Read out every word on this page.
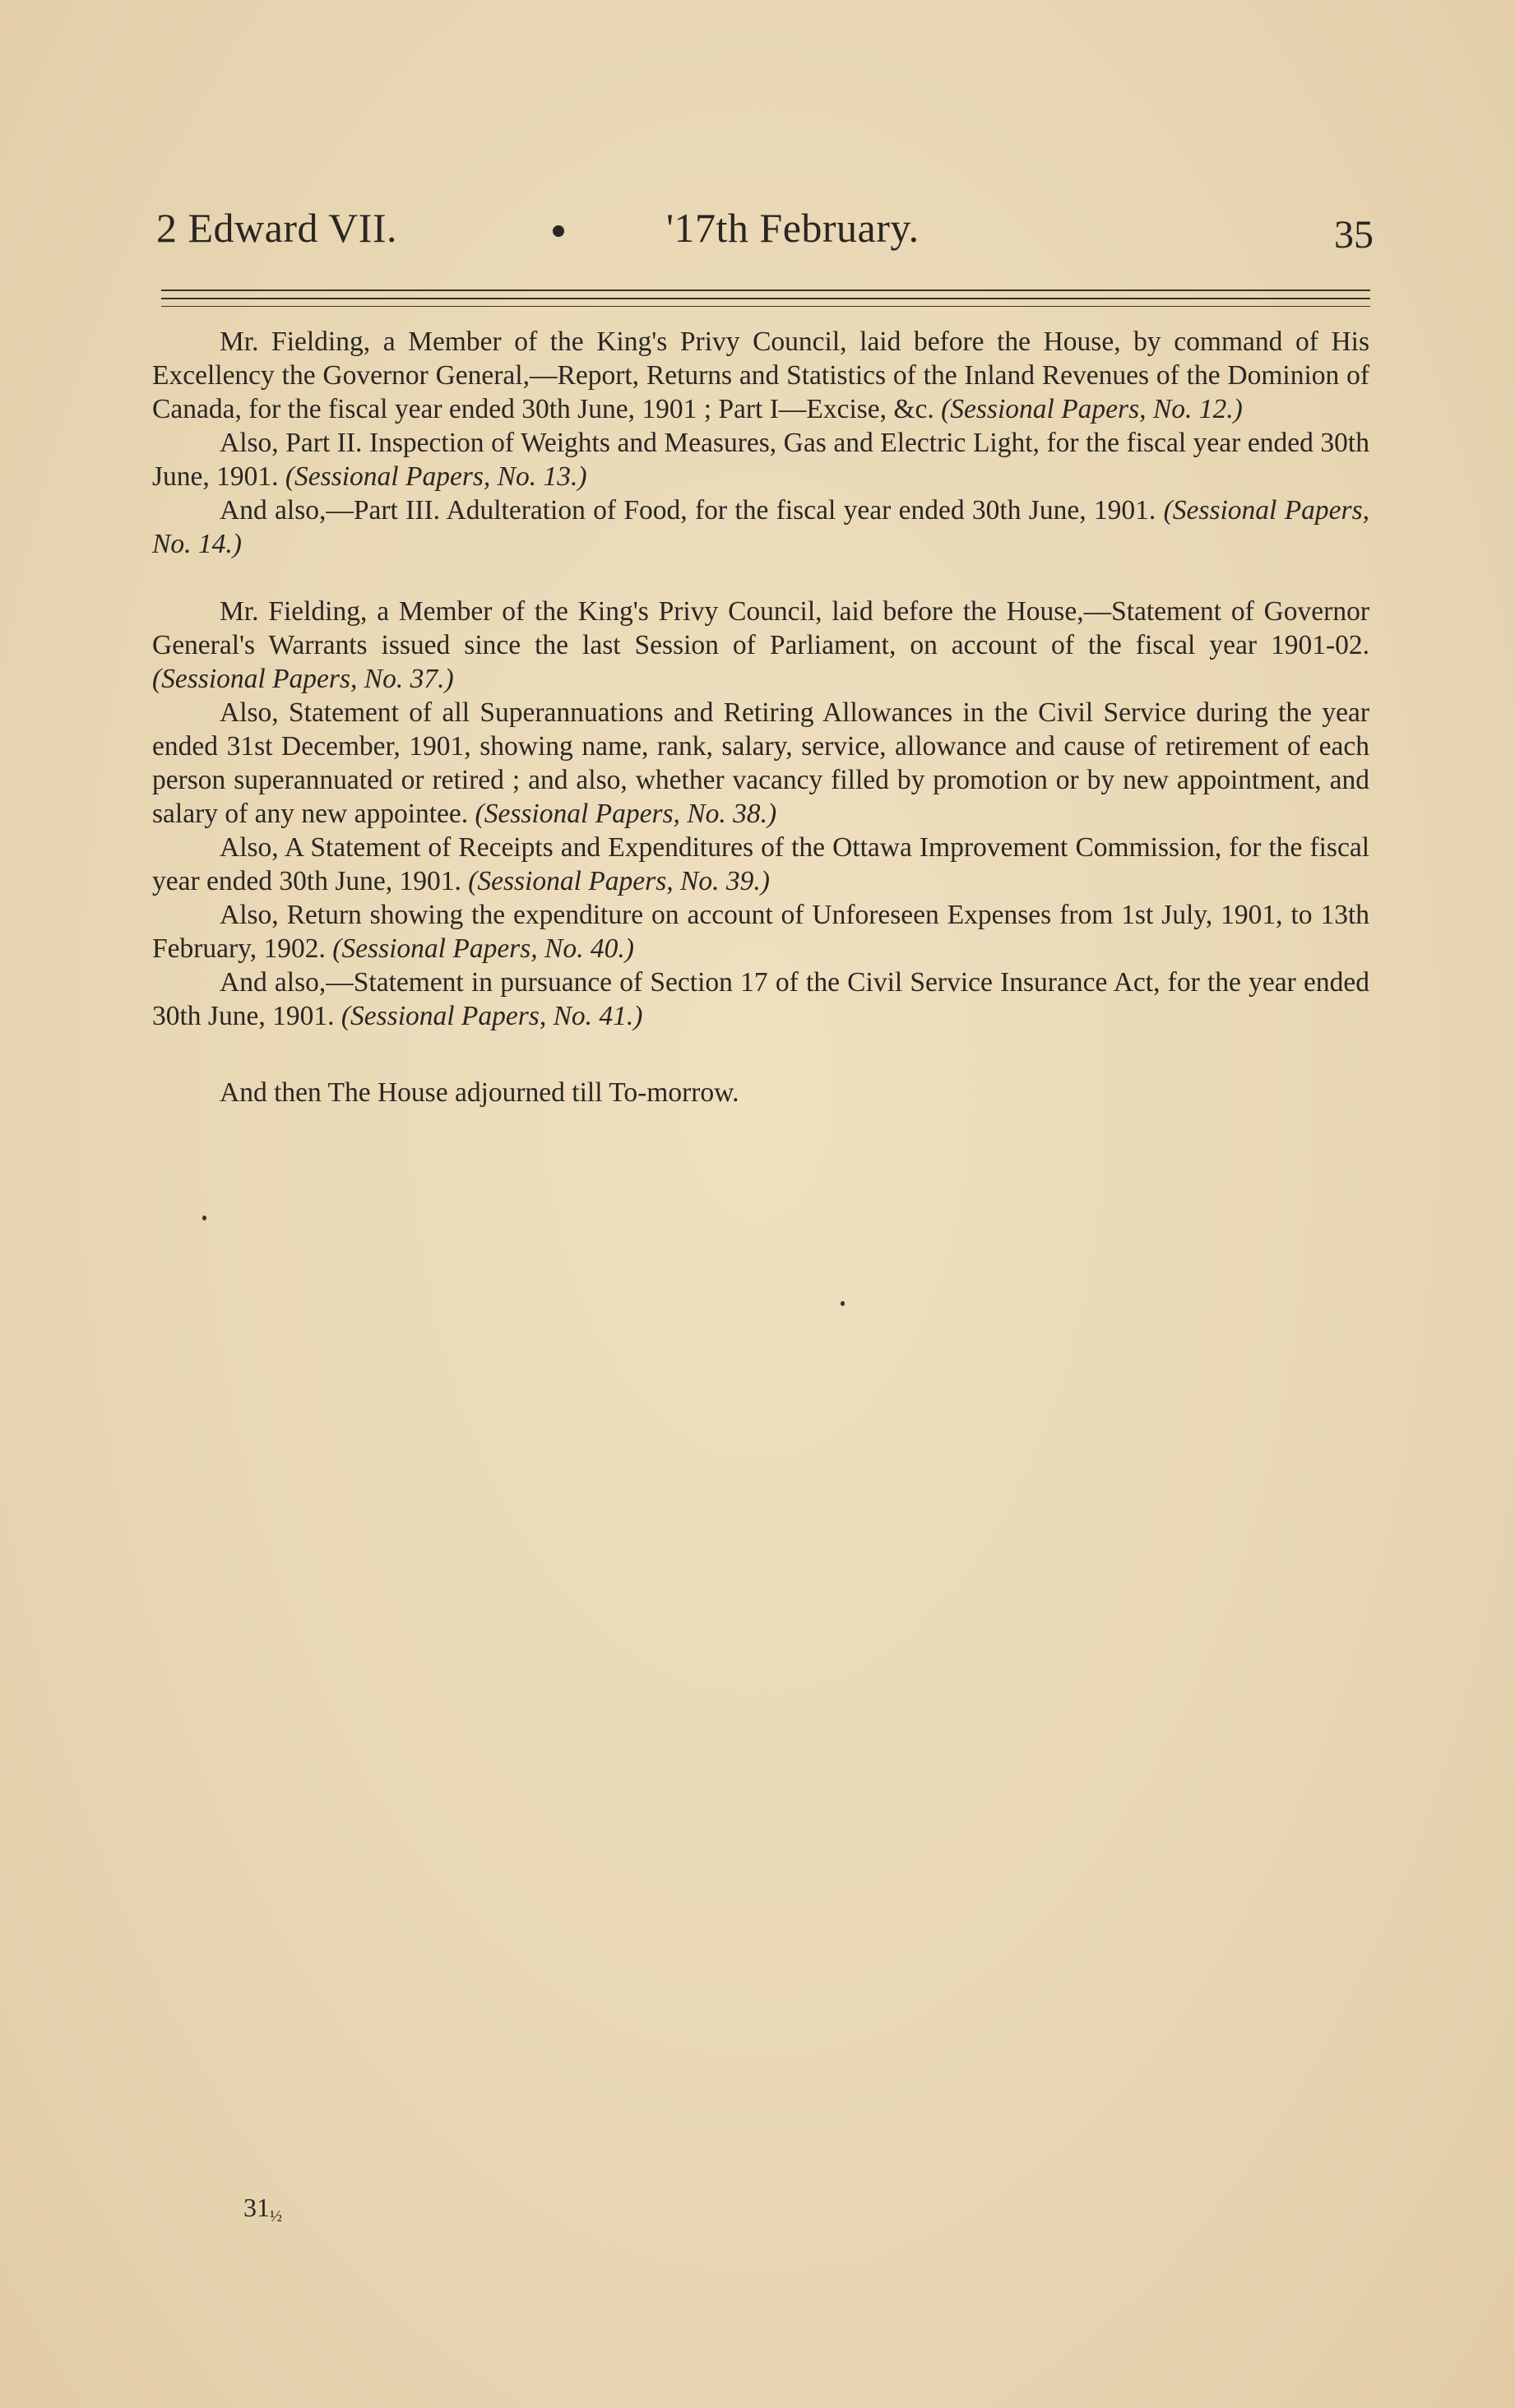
2 Edward VII.	'17th February.	35

Mr. Fielding, a Member of the King's Privy Council, laid before the House, by command of His Excellency the Governor General,—Report, Returns and Statistics of the Inland Revenues of the Dominion of Canada, for the fiscal year ended 30th June, 1901 ; Part I—Excise, &c. (Sessional Papers, No. 12.)

Also, Part II. Inspection of Weights and Measures, Gas and Electric Light, for the fiscal year ended 30th June, 1901. (Sessional Papers, No. 13.)

And also,—Part III. Adulteration of Food, for the fiscal year ended 30th June, 1901. (Sessional Papers, No. 14.)

Mr. Fielding, a Member of the King's Privy Council, laid before the House,—Statement of Governor General's Warrants issued since the last Session of Parliament, on account of the fiscal year 1901-02. (Sessional Papers, No. 37.)

Also, Statement of all Superannuations and Retiring Allowances in the Civil Service during the year ended 31st December, 1901, showing name, rank, salary, service, allowance and cause of retirement of each person superannuated or retired ; and also, whether vacancy filled by promotion or by new appointment, and salary of any new appointee. (Sessional Papers, No. 38.)

Also, A Statement of Receipts and Expenditures of the Ottawa Improvement Commission, for the fiscal year ended 30th June, 1901. (Sessional Papers, No. 39.)

Also, Return showing the expenditure on account of Unforeseen Expenses from 1st July, 1901, to 13th February, 1902. (Sessional Papers, No. 40.)

And also,—Statement in pursuance of Section 17 of the Civil Service Insurance Act, for the year ended 30th June, 1901. (Sessional Papers, No. 41.)

And then The House adjourned till To-morrow.

31½
